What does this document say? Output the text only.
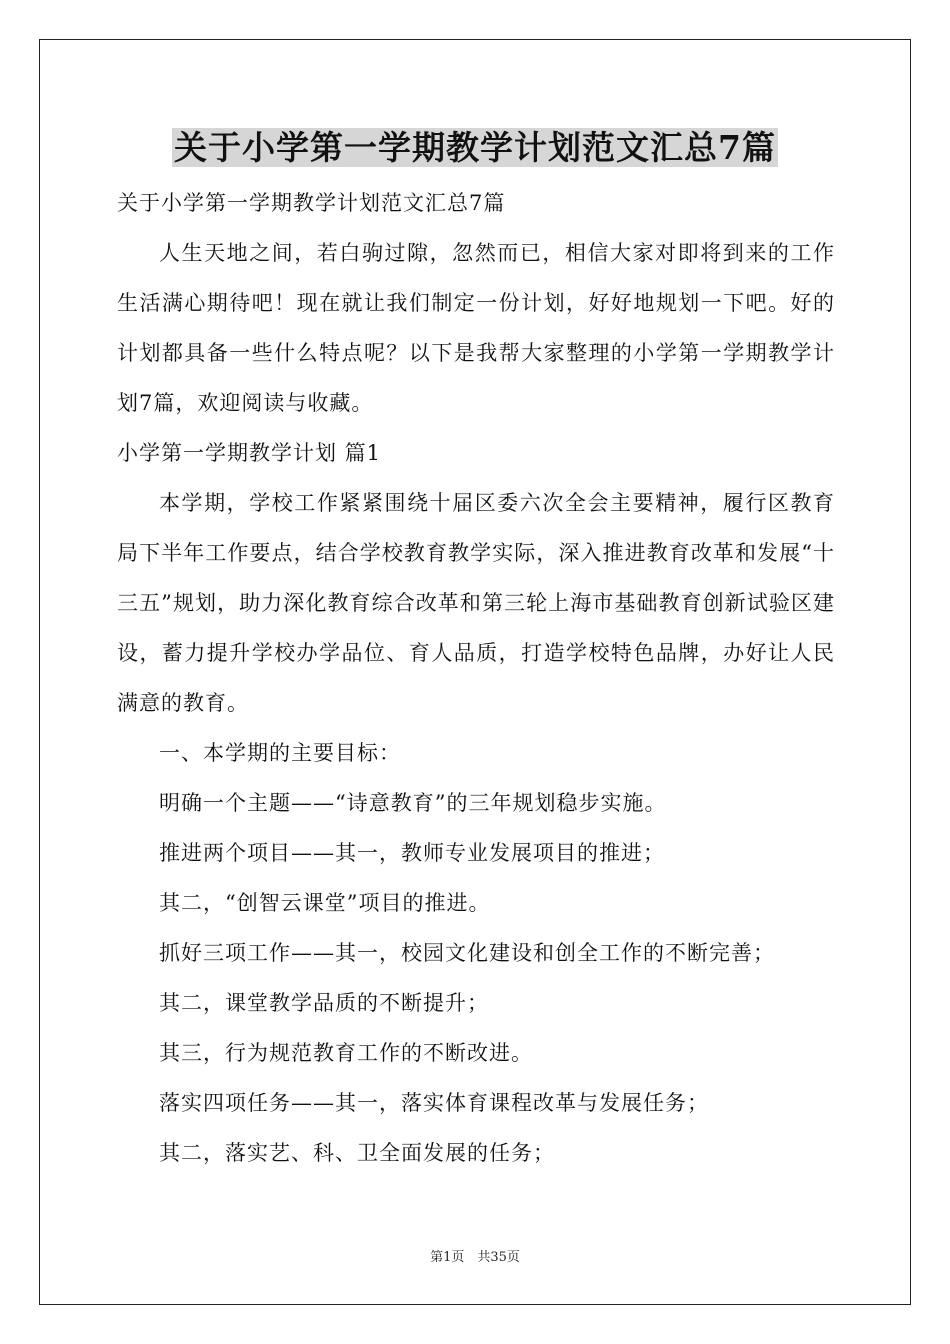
关于小学第一学期教学计划范文汇总7篇

关于小学第一学期教学计划范文汇总7篇

人生天地之间，若白驹过隙，忽然而已，相信大家对即将到来的工作生活满心期待吧！现在就让我们制定一份计划，好好地规划一下吧。好的计划都具备一些什么特点呢？以下是我帮大家整理的小学第一学期教学计划7篇，欢迎阅读与收藏。

小学第一学期教学计划 篇1

本学期，学校工作紧紧围绕十届区委六次全会主要精神，履行区教育局下半年工作要点，结合学校教育教学实际，深入推进教育改革和发展“十三五”规划，助力深化教育综合改革和第三轮上海市基础教育创新试验区建设，蓄力提升学校办学品位、育人品质，打造学校特色品牌，办好让人民满意的教育。

一、本学期的主要目标：

明确一个主题——“诗意教育”的三年规划稳步实施。

推进两个项目——其一，教师专业发展项目的推进；

其二，“创智云课堂”项目的推进。

抓好三项工作——其一，校园文化建设和创全工作的不断完善；

其二，课堂教学品质的不断提升；

其三，行为规范教育工作的不断改进。

落实四项任务——其一，落实体育课程改革与发展任务；

其二，落实艺、科、卫全面发展的任务；

第1页　共35页
